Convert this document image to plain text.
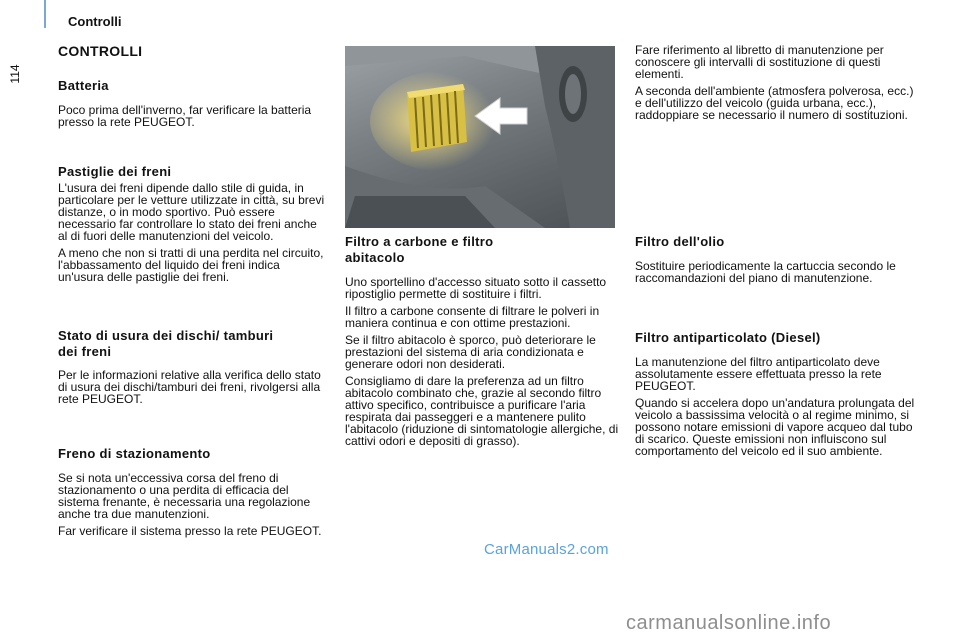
114
Controlli
CONTROLLI
Batteria

Poco prima dell'inverno, far verificare la batteria presso la rete PEUGEOT.

Pastiglie dei freni

L'usura dei freni dipende dallo stile di guida, in particolare per le vetture utilizzate in città, su brevi distanze, o in modo sportivo. Può essere necessario far controllare lo stato dei freni anche al di fuori delle manutenzioni del veicolo.

A meno che non si tratti di una perdita nel circuito, l'abbassamento del liquido dei freni indica un'usura delle pastiglie dei freni.

Stato di usura dei dischi/ tamburi dei freni

Per le informazioni relative alla verifica dello stato di usura dei dischi/tamburi dei freni, rivolgersi alla rete PEUGEOT.

Freno di stazionamento

Se si nota un'eccessiva corsa del freno di stazionamento o una perdita di efficacia del sistema frenante, è necessaria una regolazione anche tra due manutenzioni.

Far verificare il sistema presso la rete PEUGEOT.

Filtro a carbone e filtro abitacolo

Uno sportellino d'accesso situato sotto il cassetto ripostiglio permette di sostituire i filtri.

Il filtro a carbone consente di filtrare le polveri in maniera continua e con ottime prestazioni.

Se il filtro abitacolo è sporco, può deteriorare le prestazioni del sistema di aria condizionata e generare odori non desiderati.

Consigliamo di dare la preferenza ad un filtro abitacolo combinato che, grazie al secondo filtro attivo specifico, contribuisce a purificare l'aria respirata dai passeggeri e a mantenere pulito l'abitacolo (riduzione di sintomatologie allergiche, di cattivi odori e depositi di grasso).

Fare riferimento al libretto di manutenzione per conoscere gli intervalli di sostituzione di questi elementi.

A seconda dell'ambiente (atmosfera polverosa, ecc.) e dell'utilizzo del veicolo (guida urbana, ecc.), raddoppiare se necessario il numero di sostituzioni.

Filtro dell'olio

Sostituire periodicamente la cartuccia secondo le raccomandazioni del piano di manutenzione.

Filtro antiparticolato (Diesel)

La manutenzione del filtro antiparticolato deve assolutamente essere effettuata presso la rete PEUGEOT.

Quando si accelera dopo un'andatura prolungata del veicolo a bassissima velocità o al regime minimo, si possono notare emissioni di vapore acqueo dal tubo di scarico. Queste emissioni non influiscono sul comportamento del veicolo ed il suo ambiente.

CarManuals2.com
carmanualsonline.info
